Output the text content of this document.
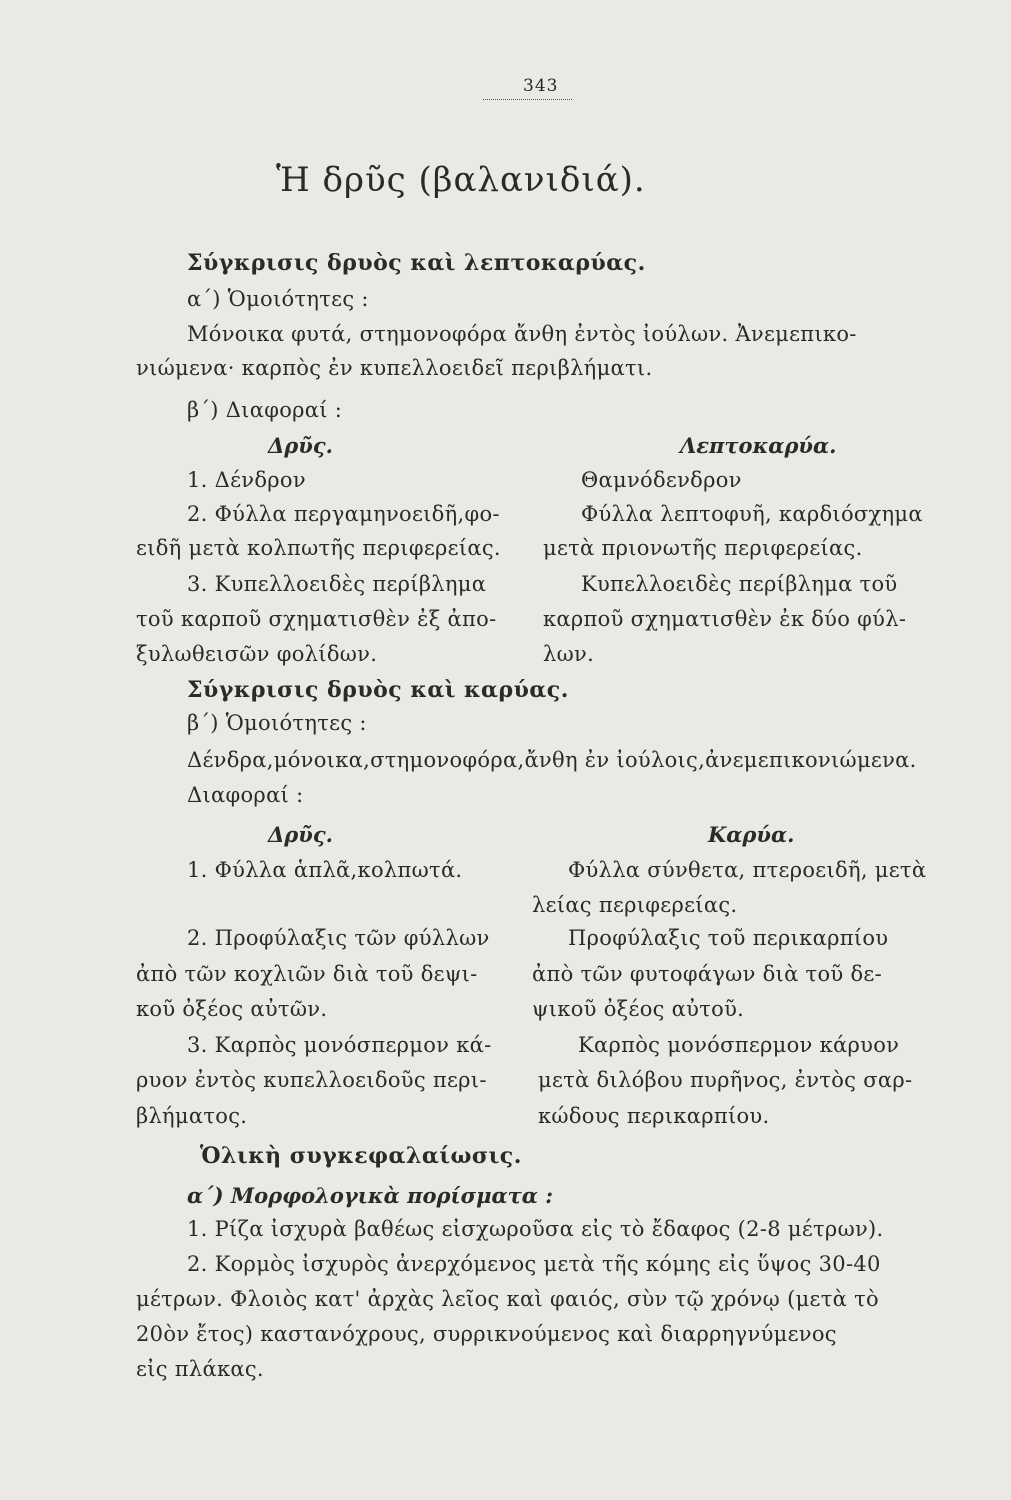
343
Ἡ δρῦς (βαλανιδιά).
Σύγκρισις δρυὸς καὶ λεπτοκαρύας.
α΄) Ὁμοιότητες :
Μόνοικα φυτά, στημονοφόρα ἄνθη ἐντὸς ἰούλων. Ἀνεμεπικο-
νιώμενα· καρπὸς ἐν κυπελλοειδεῖ περιβλήματι.
β΄) Διαφοραί :
Δρῦς.	Λεπτοκαρύα.
1. Δένδρον
2. Φύλλα περγαμηνοειδῆ,φο-
ειδῆ μετὰ κολπωτῆς περιφερείας.
3. Κυπελλοειδὲς περίβλημα
τοῦ καρποῦ σχηματισθὲν ἐξ ἀπο-
ξυλωθεισῶν φολίδων.
Θαμνόδενδρον
Φύλλα λεπτοφυῆ, καρδιόσχημα
μετὰ πριονωτῆς περιφερείας.
Κυπελλοειδὲς περίβλημα τοῦ
καρποῦ σχηματισθὲν ἐκ δύο φύλ-
λων.
Σύγκρισις δρυὸς καὶ καρύας.
β΄) Ὁμοιότητες :
Δένδρα,μόνοικα,στημονοφόρα,ἄνθη ἐν ἰούλοις,ἀνεμεπικονιώμενα.
Διαφοραί :
Δρῦς.	Καρύα.
1. Φύλλα ἁπλᾶ,κολπωτά.
2. Προφύλαξις τῶν φύλλων
ἀπὸ τῶν κοχλιῶν διὰ τοῦ δεψι-
κοῦ ὀξέος αὐτῶν.
3. Καρπὸς μονόσπερμον κά-
ρυον ἐντὸς κυπελλοειδοῦς περι-
βλήματος.
Φύλλα σύνθετα, πτεροειδῆ, μετὰ
λείας περιφερείας.
Προφύλαξις τοῦ περικαρπίου
ἀπὸ τῶν φυτοφάγων διὰ τοῦ δε-
ψικοῦ ὀξέος αὐτοῦ.
Καρπὸς μονόσπερμον κάρυον
μετὰ διλόβου πυρῆνος, ἐντὸς σαρ-
κώδους περικαρπίου.
Ὁλικὴ συγκεφαλαίωσις.
α΄) Μορφολογικὰ πορίσματα :
1. Ρίζα ἰσχυρὰ βαθέως εἰσχωροῦσα εἰς τὸ ἔδαφος (2-8 μέτρων).
2. Κορμὸς ἰσχυρὸς ἀνερχόμενος μετὰ τῆς κόμης εἰς ὕψος 30-40
μέτρων. Φλοιὸς κατ' ἀρχὰς λεῖος καὶ φαιός, σὺν τῷ χρόνῳ (μετὰ τὸ
20ὸν ἔτος) καστανόχρους, συρρικνούμενος καὶ διαρρηγνύμενος
εἰς πλάκας.
